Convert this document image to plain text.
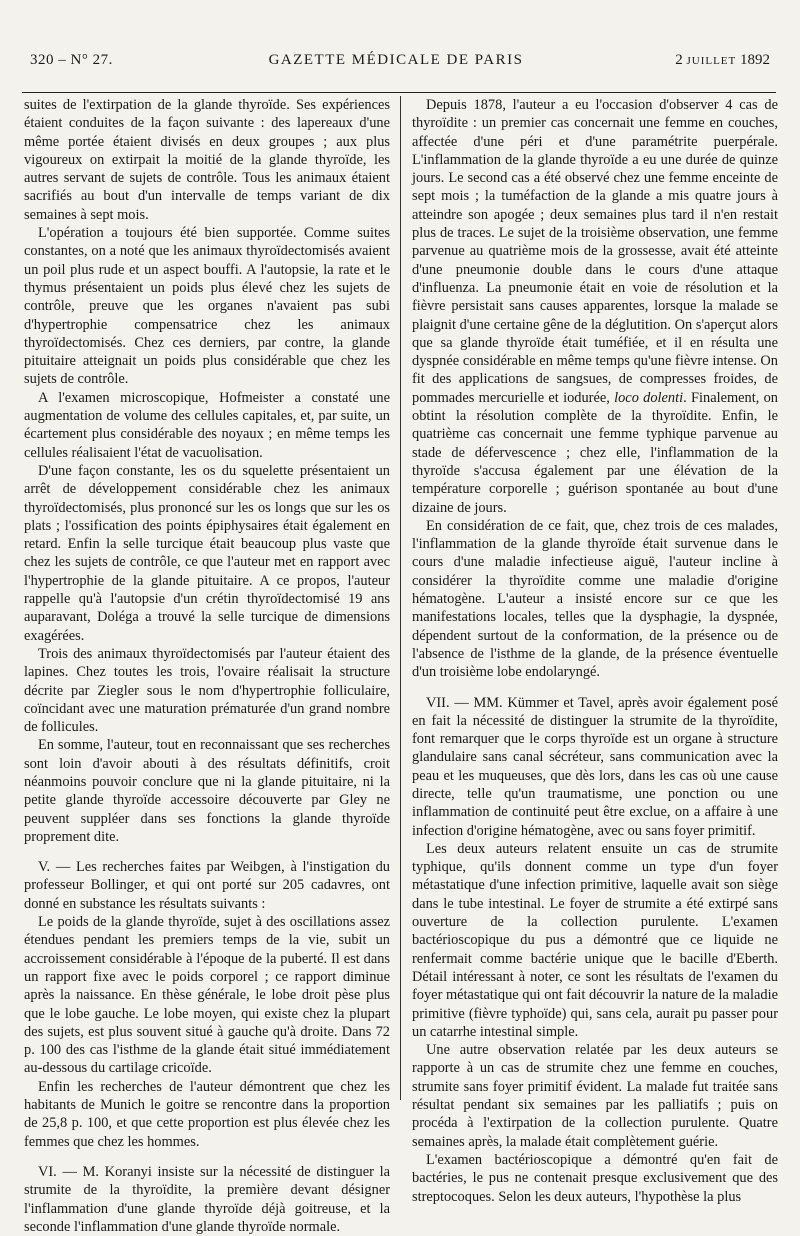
320 – N° 27.	GAZETTE MÉDICALE DE PARIS	2 JUILLET 1892

suites de l'extirpation de la glande thyroïde. Ses expériences étaient conduites de la façon suivante : des lapereaux d'une même portée étaient divisés en deux groupes ; aux plus vigoureux on extirpait la moitié de la glande thyroïde, les autres servant de sujets de contrôle. Tous les animaux étaient sacrifiés au bout d'un intervalle de temps variant de dix semaines à sept mois.

L'opération a toujours été bien supportée. Comme suites constantes, on a noté que les animaux thyroïdectomisés avaient un poil plus rude et un aspect bouffi. A l'autopsie, la rate et le thymus présentaient un poids plus élevé chez les sujets de contrôle, preuve que les organes n'avaient pas subi d'hypertrophie compensatrice chez les animaux thyroïdectomisés. Chez ces derniers, par contre, la glande pituitaire atteignait un poids plus considérable que chez les sujets de contrôle.

A l'examen microscopique, Hofmeister a constaté une augmentation de volume des cellules capitales, et, par suite, un écartement plus considérable des noyaux ; en même temps les cellules réalisaient l'état de vacuolisation.

D'une façon constante, les os du squelette présentaient un arrêt de développement considérable chez les animaux thyroïdectomisés, plus prononcé sur les os longs que sur les os plats ; l'ossification des points épiphysaires était également en retard. Enfin la selle turcique était beaucoup plus vaste que chez les sujets de contrôle, ce que l'auteur met en rapport avec l'hypertrophie de la glande pituitaire. A ce propos, l'auteur rappelle qu'à l'autopsie d'un crétin thyroïdectomisé 19 ans auparavant, Doléga a trouvé la selle turcique de dimensions exagérées.

Trois des animaux thyroïdectomisés par l'auteur étaient des lapines. Chez toutes les trois, l'ovaire réalisait la structure décrite par Ziegler sous le nom d'hypertrophie folliculaire, coïncidant avec une maturation prématurée d'un grand nombre de follicules.

En somme, l'auteur, tout en reconnaissant que ses recherches sont loin d'avoir abouti à des résultats définitifs, croit néanmoins pouvoir conclure que ni la glande pituitaire, ni la petite glande thyroïde accessoire découverte par Gley ne peuvent suppléer dans ses fonctions la glande thyroïde proprement dite.

V. — Les recherches faites par Weibgen, à l'instigation du professeur Bollinger, et qui ont porté sur 205 cadavres, ont donné en substance les résultats suivants :

Le poids de la glande thyroïde, sujet à des oscillations assez étendues pendant les premiers temps de la vie, subit un accroissement considérable à l'époque de la puberté. Il est dans un rapport fixe avec le poids corporel ; ce rapport diminue après la naissance. En thèse générale, le lobe droit pèse plus que le lobe gauche. Le lobe moyen, qui existe chez la plupart des sujets, est plus souvent situé à gauche qu'à droite. Dans 72 p. 100 des cas l'isthme de la glande était situé immédiatement au-dessous du cartilage cricoïde.

Enfin les recherches de l'auteur démontrent que chez les habitants de Munich le goitre se rencontre dans la proportion de 25,8 p. 100, et que cette proportion est plus élevée chez les femmes que chez les hommes.

VI. — M. Koranyi insiste sur la nécessité de distinguer la strumite de la thyroïdite, la première devant désigner l'inflammation d'une glande thyroïde déjà goitreuse, et la seconde l'inflammation d'une glande thyroïde normale.

Depuis 1878, l'auteur a eu l'occasion d'observer 4 cas de thyroïdite : un premier cas concernait une femme en couches, affectée d'une péri et d'une paramétrite puerpérale. L'inflammation de la glande thyroïde a eu une durée de quinze jours. Le second cas a été observé chez une femme enceinte de sept mois ; la tuméfaction de la glande a mis quatre jours à atteindre son apogée ; deux semaines plus tard il n'en restait plus de traces. Le sujet de la troisième observation, une femme parvenue au quatrième mois de la grossesse, avait été atteinte d'une pneumonie double dans le cours d'une attaque d'influenza. La pneumonie était en voie de résolution et la fièvre persistait sans causes apparentes, lorsque la malade se plaignit d'une certaine gêne de la déglutition. On s'aperçut alors que sa glande thyroïde était tuméfiée, et il en résulta une dyspnée considérable en même temps qu'une fièvre intense. On fit des applications de sangsues, de compresses froides, de pommades mercurielle et iodurée, loco dolenti. Finalement, on obtint la résolution complète de la thyroïdite. Enfin, le quatrième cas concernait une femme typhique parvenue au stade de défervescence ; chez elle, l'inflammation de la thyroïde s'accusa également par une élévation de la température corporelle ; guérison spontanée au bout d'une dizaine de jours.

En considération de ce fait, que, chez trois de ces malades, l'inflammation de la glande thyroïde était survenue dans le cours d'une maladie infectieuse aiguë, l'auteur incline à considérer la thyroïdite comme une maladie d'origine hématogène. L'auteur a insisté encore sur ce que les manifestations locales, telles que la dysphagie, la dyspnée, dépendent surtout de la conformation, de la présence ou de l'absence de l'isthme de la glande, de la présence éventuelle d'un troisième lobe endolaryngé.

VII. — MM. Kümmer et Tavel, après avoir également posé en fait la nécessité de distinguer la strumite de la thyroïdite, font remarquer que le corps thyroïde est un organe à structure glandulaire sans canal sécréteur, sans communication avec la peau et les muqueuses, que dès lors, dans les cas où une cause directe, telle qu'un traumatisme, une ponction ou une inflammation de continuité peut être exclue, on a affaire à une infection d'origine hématogène, avec ou sans foyer primitif.

Les deux auteurs relatent ensuite un cas de strumite typhique, qu'ils donnent comme un type d'un foyer métastatique d'une infection primitive, laquelle avait son siège dans le tube intestinal. Le foyer de strumite a été extirpé sans ouverture de la collection purulente. L'examen bactérioscopique du pus a démontré que ce liquide ne renfermait comme bactérie unique que le bacille d'Eberth. Détail intéressant à noter, ce sont les résultats de l'examen du foyer métastatique qui ont fait découvrir la nature de la maladie primitive (fièvre typhoïde) qui, sans cela, aurait pu passer pour un catarrhe intestinal simple.

Une autre observation relatée par les deux auteurs se rapporte à un cas de strumite chez une femme en couches, strumite sans foyer primitif évident. La malade fut traitée sans résultat pendant six semaines par les palliatifs ; puis on procéda à l'extirpation de la collection purulente. Quatre semaines après, la malade était complètement guérie.

L'examen bactérioscopique a démontré qu'en fait de bactéries, le pus ne contenait presque exclusivement que des streptocoques. Selon les deux auteurs, l'hypothèse la plus
